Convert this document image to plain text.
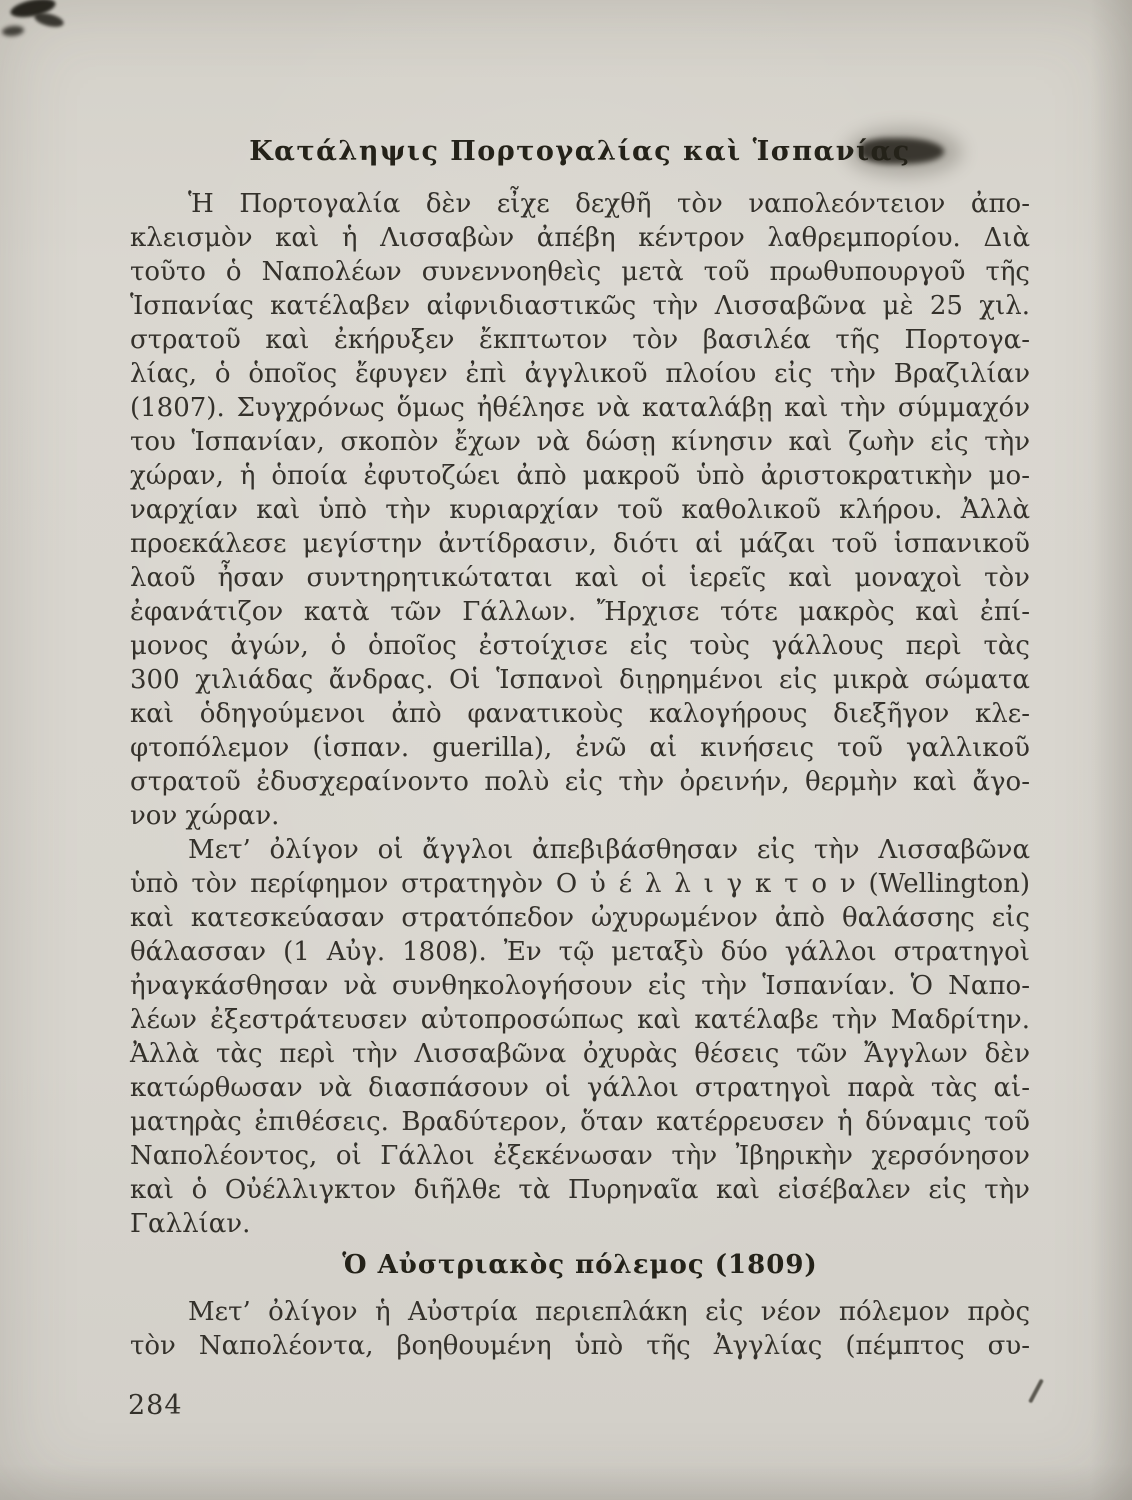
Κατάληψις Πορτογαλίας καὶ Ἱσπανίας
Ἡ Πορτογαλία δὲν εἶχε δεχθῆ τὸν ναπολεόντειον ἀπο-
κλεισμὸν καὶ ἡ Λισσαβὼν ἀπέβη κέντρον λαθρεμπορίου. Διὰ
τοῦτο ὁ Ναπολέων συνεννοηθεὶς μετὰ τοῦ πρωθυπουργοῦ τῆς
Ἱσπανίας κατέλαβεν αἰφνιδιαστικῶς τὴν Λισσαβῶνα μὲ 25 χιλ.
στρατοῦ καὶ ἐκήρυξεν ἔκπτωτον τὸν βασιλέα τῆς Πορτογα-
λίας, ὁ ὁποῖος ἔφυγεν ἐπὶ ἀγγλικοῦ πλοίου εἰς τὴν Βραζιλίαν
(1807). Συγχρόνως ὅμως ἠθέλησε νὰ καταλάβῃ καὶ τὴν σύμμαχόν
του Ἱσπανίαν, σκοπὸν ἔχων νὰ δώσῃ κίνησιν καὶ ζωὴν εἰς τὴν
χώραν, ἡ ὁποία ἐφυτοζώει ἀπὸ μακροῦ ὑπὸ ἀριστοκρατικὴν μο-
ναρχίαν καὶ ὑπὸ τὴν κυριαρχίαν τοῦ καθολικοῦ κλήρου. Ἀλλὰ
προεκάλεσε μεγίστην ἀντίδρασιν, διότι αἱ μάζαι τοῦ ἱσπανικοῦ
λαοῦ ἦσαν συντηρητικώταται καὶ οἱ ἱερεῖς καὶ μοναχοὶ τὸν
ἐφανάτιζον κατὰ τῶν Γάλλων. Ἤρχισε τότε μακρὸς καὶ ἐπί-
μονος ἀγών, ὁ ὁποῖος ἐστοίχισε εἰς τοὺς γάλλους περὶ τὰς
300 χιλιάδας ἄνδρας. Οἱ Ἱσπανοὶ διῃρημένοι εἰς μικρὰ σώματα
καὶ ὁδηγούμενοι ἀπὸ φανατικοὺς καλογήρους διεξῆγον κλε-
φτοπόλεμον (ἱσπαν. guerilla), ἐνῶ αἱ κινήσεις τοῦ γαλλικοῦ
στρατοῦ ἐδυσχεραίνοντο πολὺ εἰς τὴν ὀρεινήν, θερμὴν καὶ ἄγο-
νον χώραν.
Μετ’ ὀλίγον οἱ ἄγγλοι ἀπεβιβάσθησαν εἰς τὴν Λισσαβῶνα
ὑπὸ τὸν περίφημον στρατηγὸν Ο ὐ έ λ λ ι γ κ τ ο ν (Wellington)
καὶ κατεσκεύασαν στρατόπεδον ὠχυρωμένον ἀπὸ θαλάσσης εἰς
θάλασσαν (1 Αὐγ. 1808). Ἐν τῷ μεταξὺ δύο γάλλοι στρατηγοὶ
ἠναγκάσθησαν νὰ συνθηκολογήσουν εἰς τὴν Ἱσπανίαν. Ὁ Ναπο-
λέων ἐξεστράτευσεν αὐτοπροσώπως καὶ κατέλαβε τὴν Μαδρίτην.
Ἀλλὰ τὰς περὶ τὴν Λισσαβῶνα ὀχυρὰς θέσεις τῶν Ἄγγλων δὲν
κατώρθωσαν νὰ διασπάσουν οἱ γάλλοι στρατηγοὶ παρὰ τὰς αἱ-
ματηρὰς ἐπιθέσεις. Βραδύτερον, ὅταν κατέρρευσεν ἡ δύναμις τοῦ
Ναπολέοντος, οἱ Γάλλοι ἐξεκένωσαν τὴν Ἰβηρικὴν χερσόνησον
καὶ ὁ Οὐέλλιγκτον διῆλθε τὰ Πυρηναῖα καὶ εἰσέβαλεν εἰς τὴν
Γαλλίαν.
Ὁ Αὐστριακὸς πόλεμος (1809)
Μετ’ ὀλίγον ἡ Αὐστρία περιεπλάκη εἰς νέον πόλεμον πρὸς
τὸν Ναπολέοντα, βοηθουμένη ὑπὸ τῆς Ἀγγλίας (πέμπτος συ-
284
